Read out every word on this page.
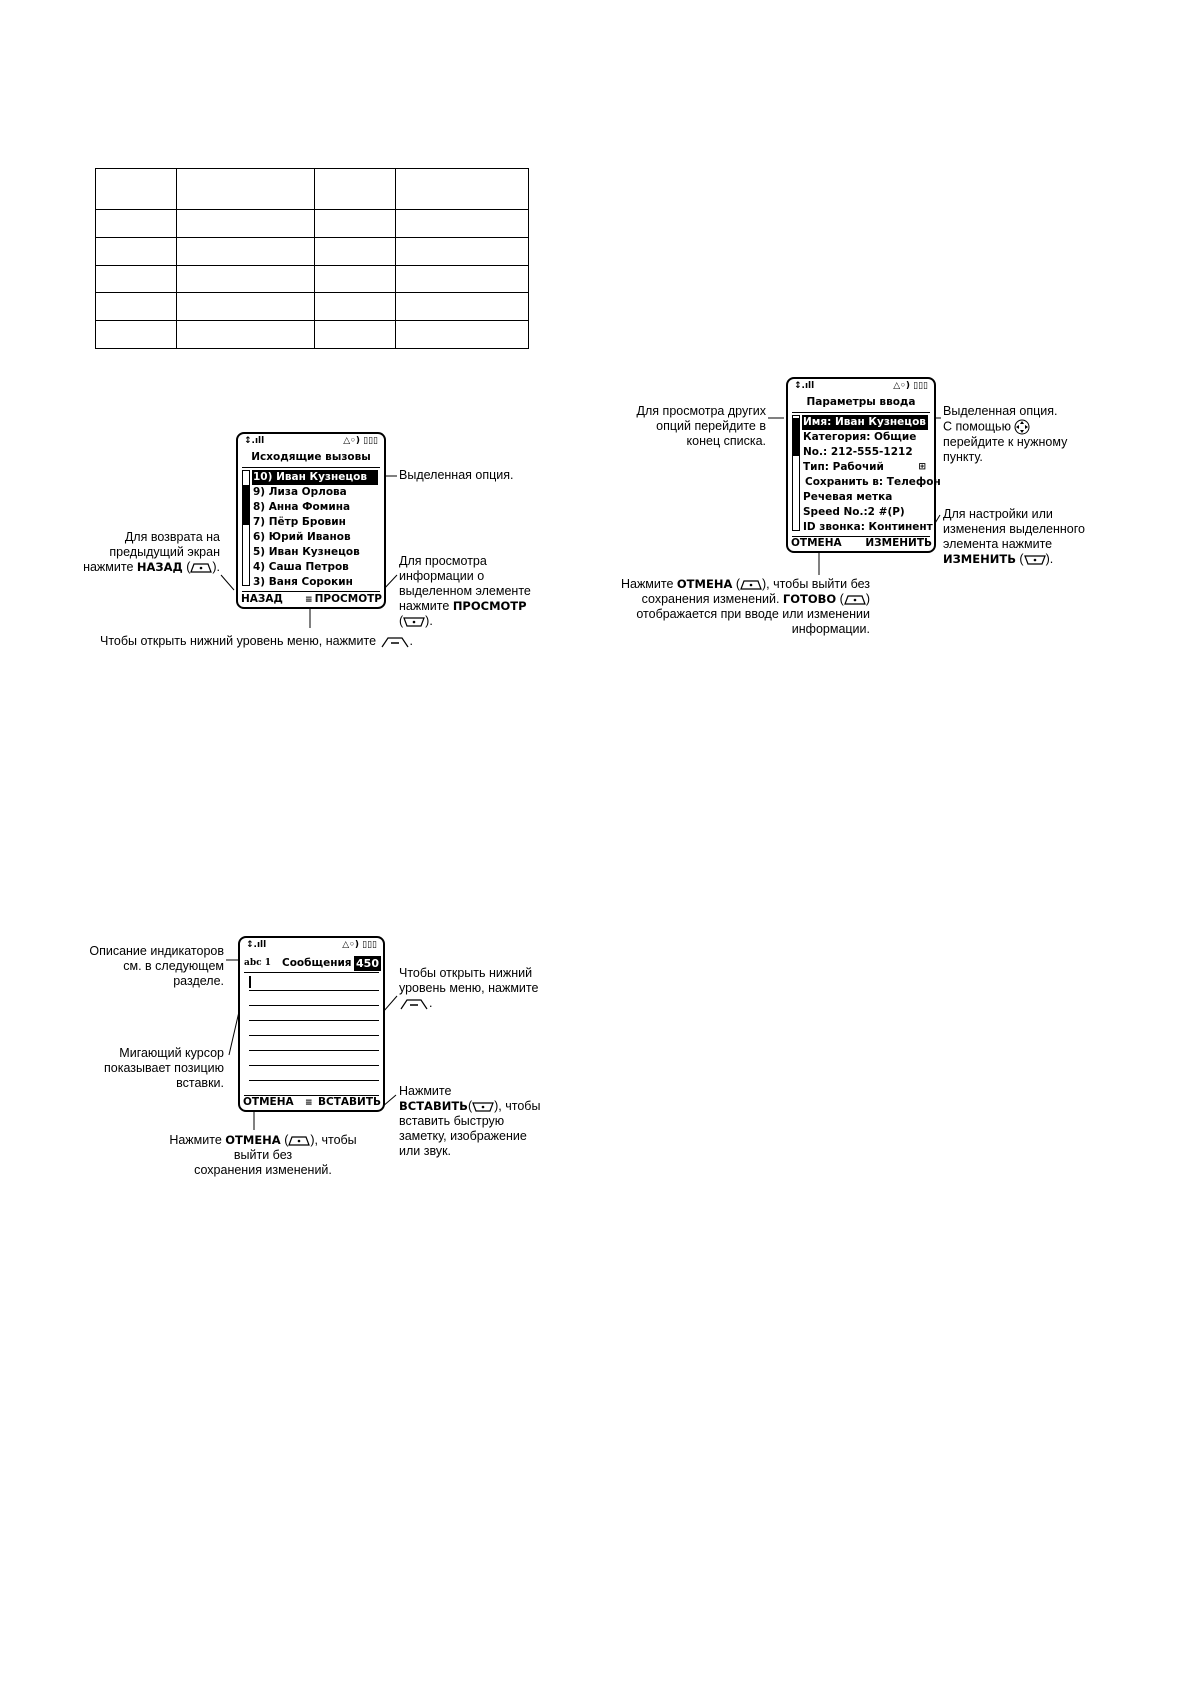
↕.ıll	△◦) ▯▯▯
Исходящие вызовы
10) Иван Кузнецов
9) Лиза Орлова
8) Анна Фомина
7) Пётр Бровин
6) Юрий Иванов
5) Иван Кузнецов
4) Саша Петров
3) Ваня Сорокин
НАЗАД ≡ ПРОСМОТР
Выделенная опция.
Для возврата на
предыдущий экран
нажмите НАЗАД ( ).	Для просмотра
информации о
выделенном элементе
нажмите ПРОСМОТР
( ).
Чтобы открыть нижний уровень меню, нажмите	.
↕.ıll	△◦) ▯▯▯
Параметры ввода
Имя: Иван Кузнецов
Категория: Общие
No.: 212-555-1212
Тип: Рабочий	⊞
Сохранить в: Телефон
Речевая метка
Speed No.:2 #(P)
ID звонка: Континент
ОТМЕНА ИЗМЕНИТЬ
Для просмотра других
опций перейдите в
конец списка.
Выделенная опция.
С помощью
перейдите к нужному
пункту.
Для настройки или
изменения выделенного
элемента нажмите
ИЗМЕНИТЬ ( ).
Нажмите ОТМЕНА ( ), чтобы выйти без
сохранения изменений. ГОТОВО ( )
отображается при вводе или изменении
информации.
↕.ıll	△◦) ▯▯▯
abc 1 Сообщения 450
ОТМЕНА ≡ ВСТАВИТЬ
Описание индикаторов
см. в следующем
разделе.
Мигающий курсор
показывает позицию
вставки.
Чтобы открыть нижний
уровень меню, нажмите
.
Нажмите
ВСТАВИТЬ( ), чтобы
вставить быструю
заметку, изображение
или звук.
Нажмите ОТМЕНА ( ), чтобы выйти без
сохранения изменений.
